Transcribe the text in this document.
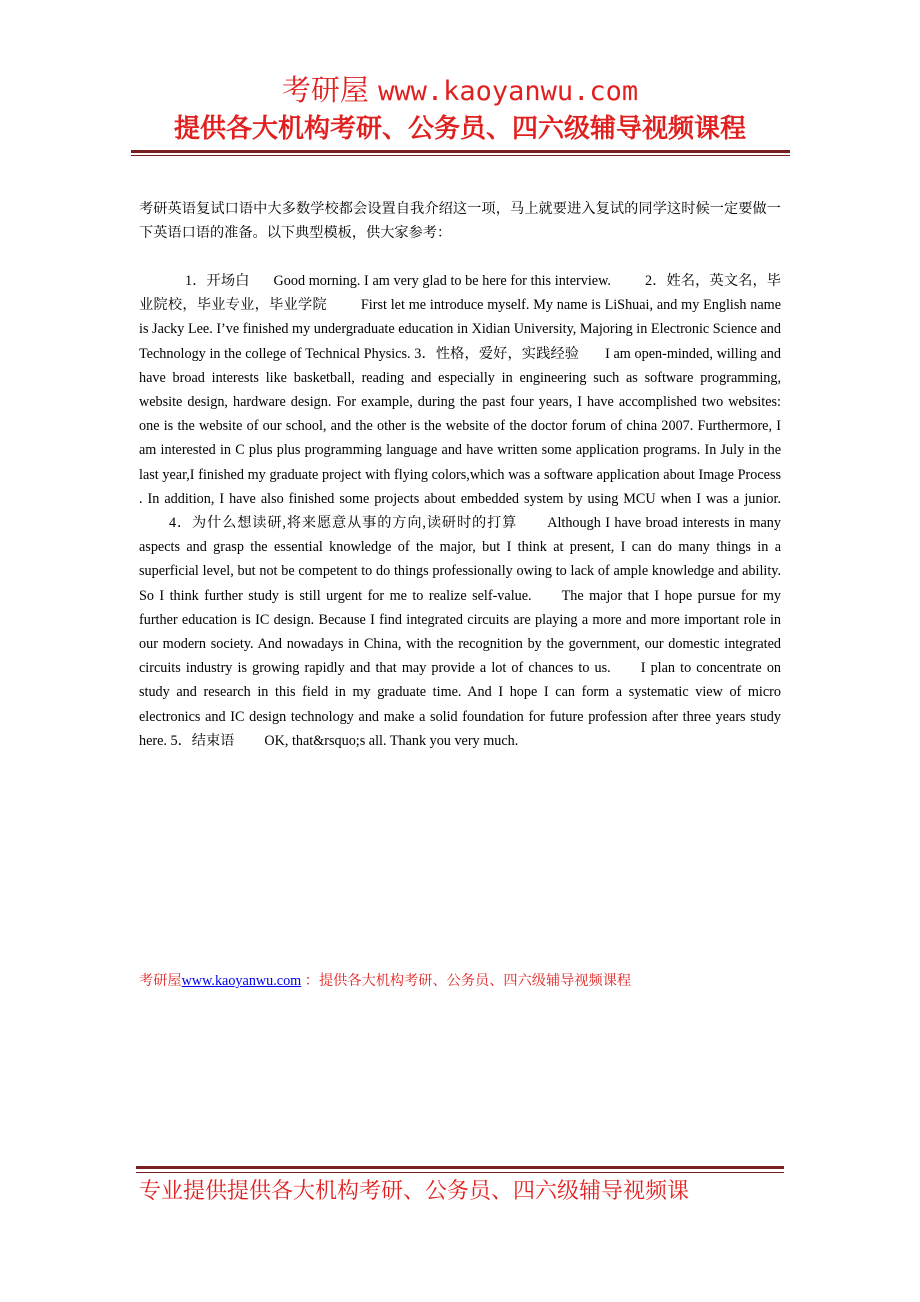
考研屋 www.kaoyanwu.com
提供各大机构考研、公务员、四六级辅导视频课程

考研英语复试口语中大多数学校都会设置自我介绍这一项，马上就要进入复试的同学这时候一定要做一下英语口语的准备。以下典型模板，供大家参考：

1．开场白 Good morning. I am very glad to be here for this interview. 2．姓名，英文名，毕业院校，毕业专业，毕业学院 First let me introduce myself. My name is LiShuai, and my English name is Jacky Lee. I’ve finished my undergraduate education in Xidian University, Majoring in Electronic Science and Technology in the college of Technical Physics. 3．性格，爱好，实践经验 I am open-minded, willing and have broad interests like basketball, reading and especially in engineering such as software programming, website design, hardware design. For example, during the past four years, I have accomplished two websites: one is the website of our school, and the other is the website of the doctor forum of china 2007. Furthermore, I am interested in C plus plus programming language and have written some application programs. In July in the last year,I finished my graduate project with flying colors,which was a software application about Image Process . In addition, I have also finished some projects about embedded system by using MCU when I was a junior.4．为什么想读研,将来愿意从事的方向,读研时的打算 Although I have broad interests in many aspects and grasp the essential knowledge of the major, but I think at present, I can do many things in a superficial level, but not be competent to do things professionally owing to lack of ample knowledge and ability. So I think further study is still urgent for me to realize self-value. The major that I hope pursue for my further education is IC design. Because I find integrated circuits are playing a more and more important role in our modern society. And nowadays in China, with the recognition by the government, our domestic integrated circuits industry is growing rapidly and that may provide a lot of chances to us. I plan to concentrate on study and research in this field in my graduate time. And I hope I can form a systematic view of micro electronics and IC design technology and make a solid foundation for future profession after three years study here. 5．结束语 OK, that&rsquo;s all. Thank you very much.

考研屋www.kaoyanwu.com ：提供各大机构考研、公务员、四六级辅导视频课程
专业提供提供各大机构考研、公务员、四六级辅导视频课
